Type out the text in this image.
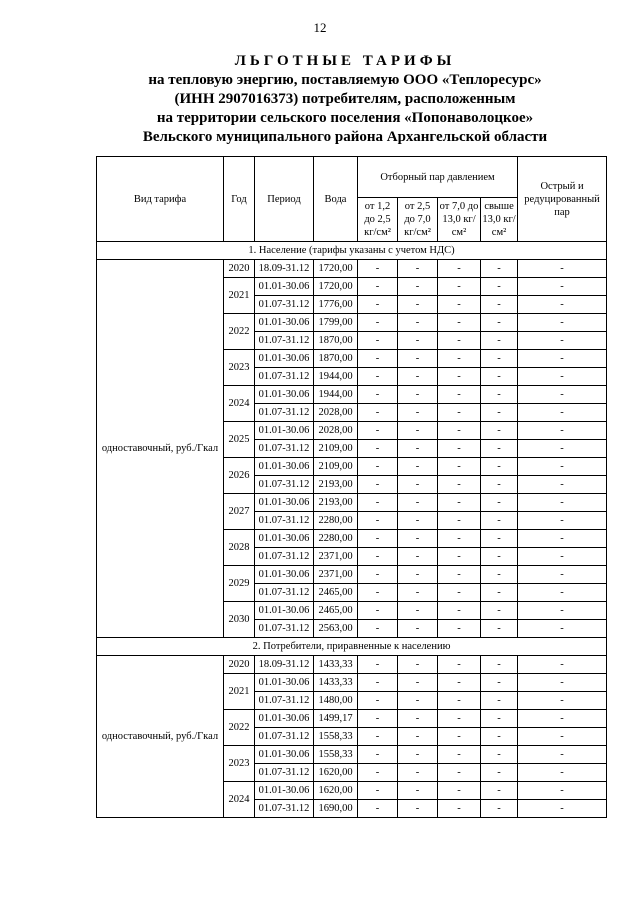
12
ЛЬГОТНЫЕ ТАРИФЫ
на тепловую энергию, поставляемую ООО «Теплоресурс»
(ИНН 2907016373) потребителям, расположенным
на территории сельского поселения «Попонаволоцкое»
Вельского муниципального района Архангельской области
Вид тарифа	Год	Период	Вода	Отборный пар давлением				Острый и редуцированный пар
				от 1,2 до 2,5 кг/см²	от 2,5 до 7,0 кг/см²	от 7,0 до 13,0 кг/см²	свыше 13,0 кг/см²	
1. Население (тарифы указаны с учетом НДС)								
одноставочный, руб./Гкал	2020	18.09-31.12	1720,00	-	-	-	-	-
	2021	01.01-30.06	1720,00	-	-	-	-	-
		01.07-31.12	1776,00	-	-	-	-	-
	2022	01.01-30.06	1799,00	-	-	-	-	-
		01.07-31.12	1870,00	-	-	-	-	-
	2023	01.01-30.06	1870,00	-	-	-	-	-
		01.07-31.12	1944,00	-	-	-	-	-
	2024	01.01-30.06	1944,00	-	-	-	-	-
		01.07-31.12	2028,00	-	-	-	-	-
	2025	01.01-30.06	2028,00	-	-	-	-	-
		01.07-31.12	2109,00	-	-	-	-	-
	2026	01.01-30.06	2109,00	-	-	-	-	-
		01.07-31.12	2193,00	-	-	-	-	-
	2027	01.01-30.06	2193,00	-	-	-	-	-
		01.07-31.12	2280,00	-	-	-	-	-
	2028	01.01-30.06	2280,00	-	-	-	-	-
		01.07-31.12	2371,00	-	-	-	-	-
	2029	01.01-30.06	2371,00	-	-	-	-	-
		01.07-31.12	2465,00	-	-	-	-	-
	2030	01.01-30.06	2465,00	-	-	-	-	-
		01.07-31.12	2563,00	-	-	-	-	-
2. Потребители, приравненные к населению								
одноставочный, руб./Гкал	2020	18.09-31.12	1433,33	-	-	-	-	-
	2021	01.01-30.06	1433,33	-	-	-	-	-
		01.07-31.12	1480,00	-	-	-	-	-
	2022	01.01-30.06	1499,17	-	-	-	-	-
		01.07-31.12	1558,33	-	-	-	-	-
	2023	01.01-30.06	1558,33	-	-	-	-	-
		01.07-31.12	1620,00	-	-	-	-	-
	2024	01.01-30.06	1620,00	-	-	-	-	-
		01.07-31.12	1690,00	-	-	-	-	-
